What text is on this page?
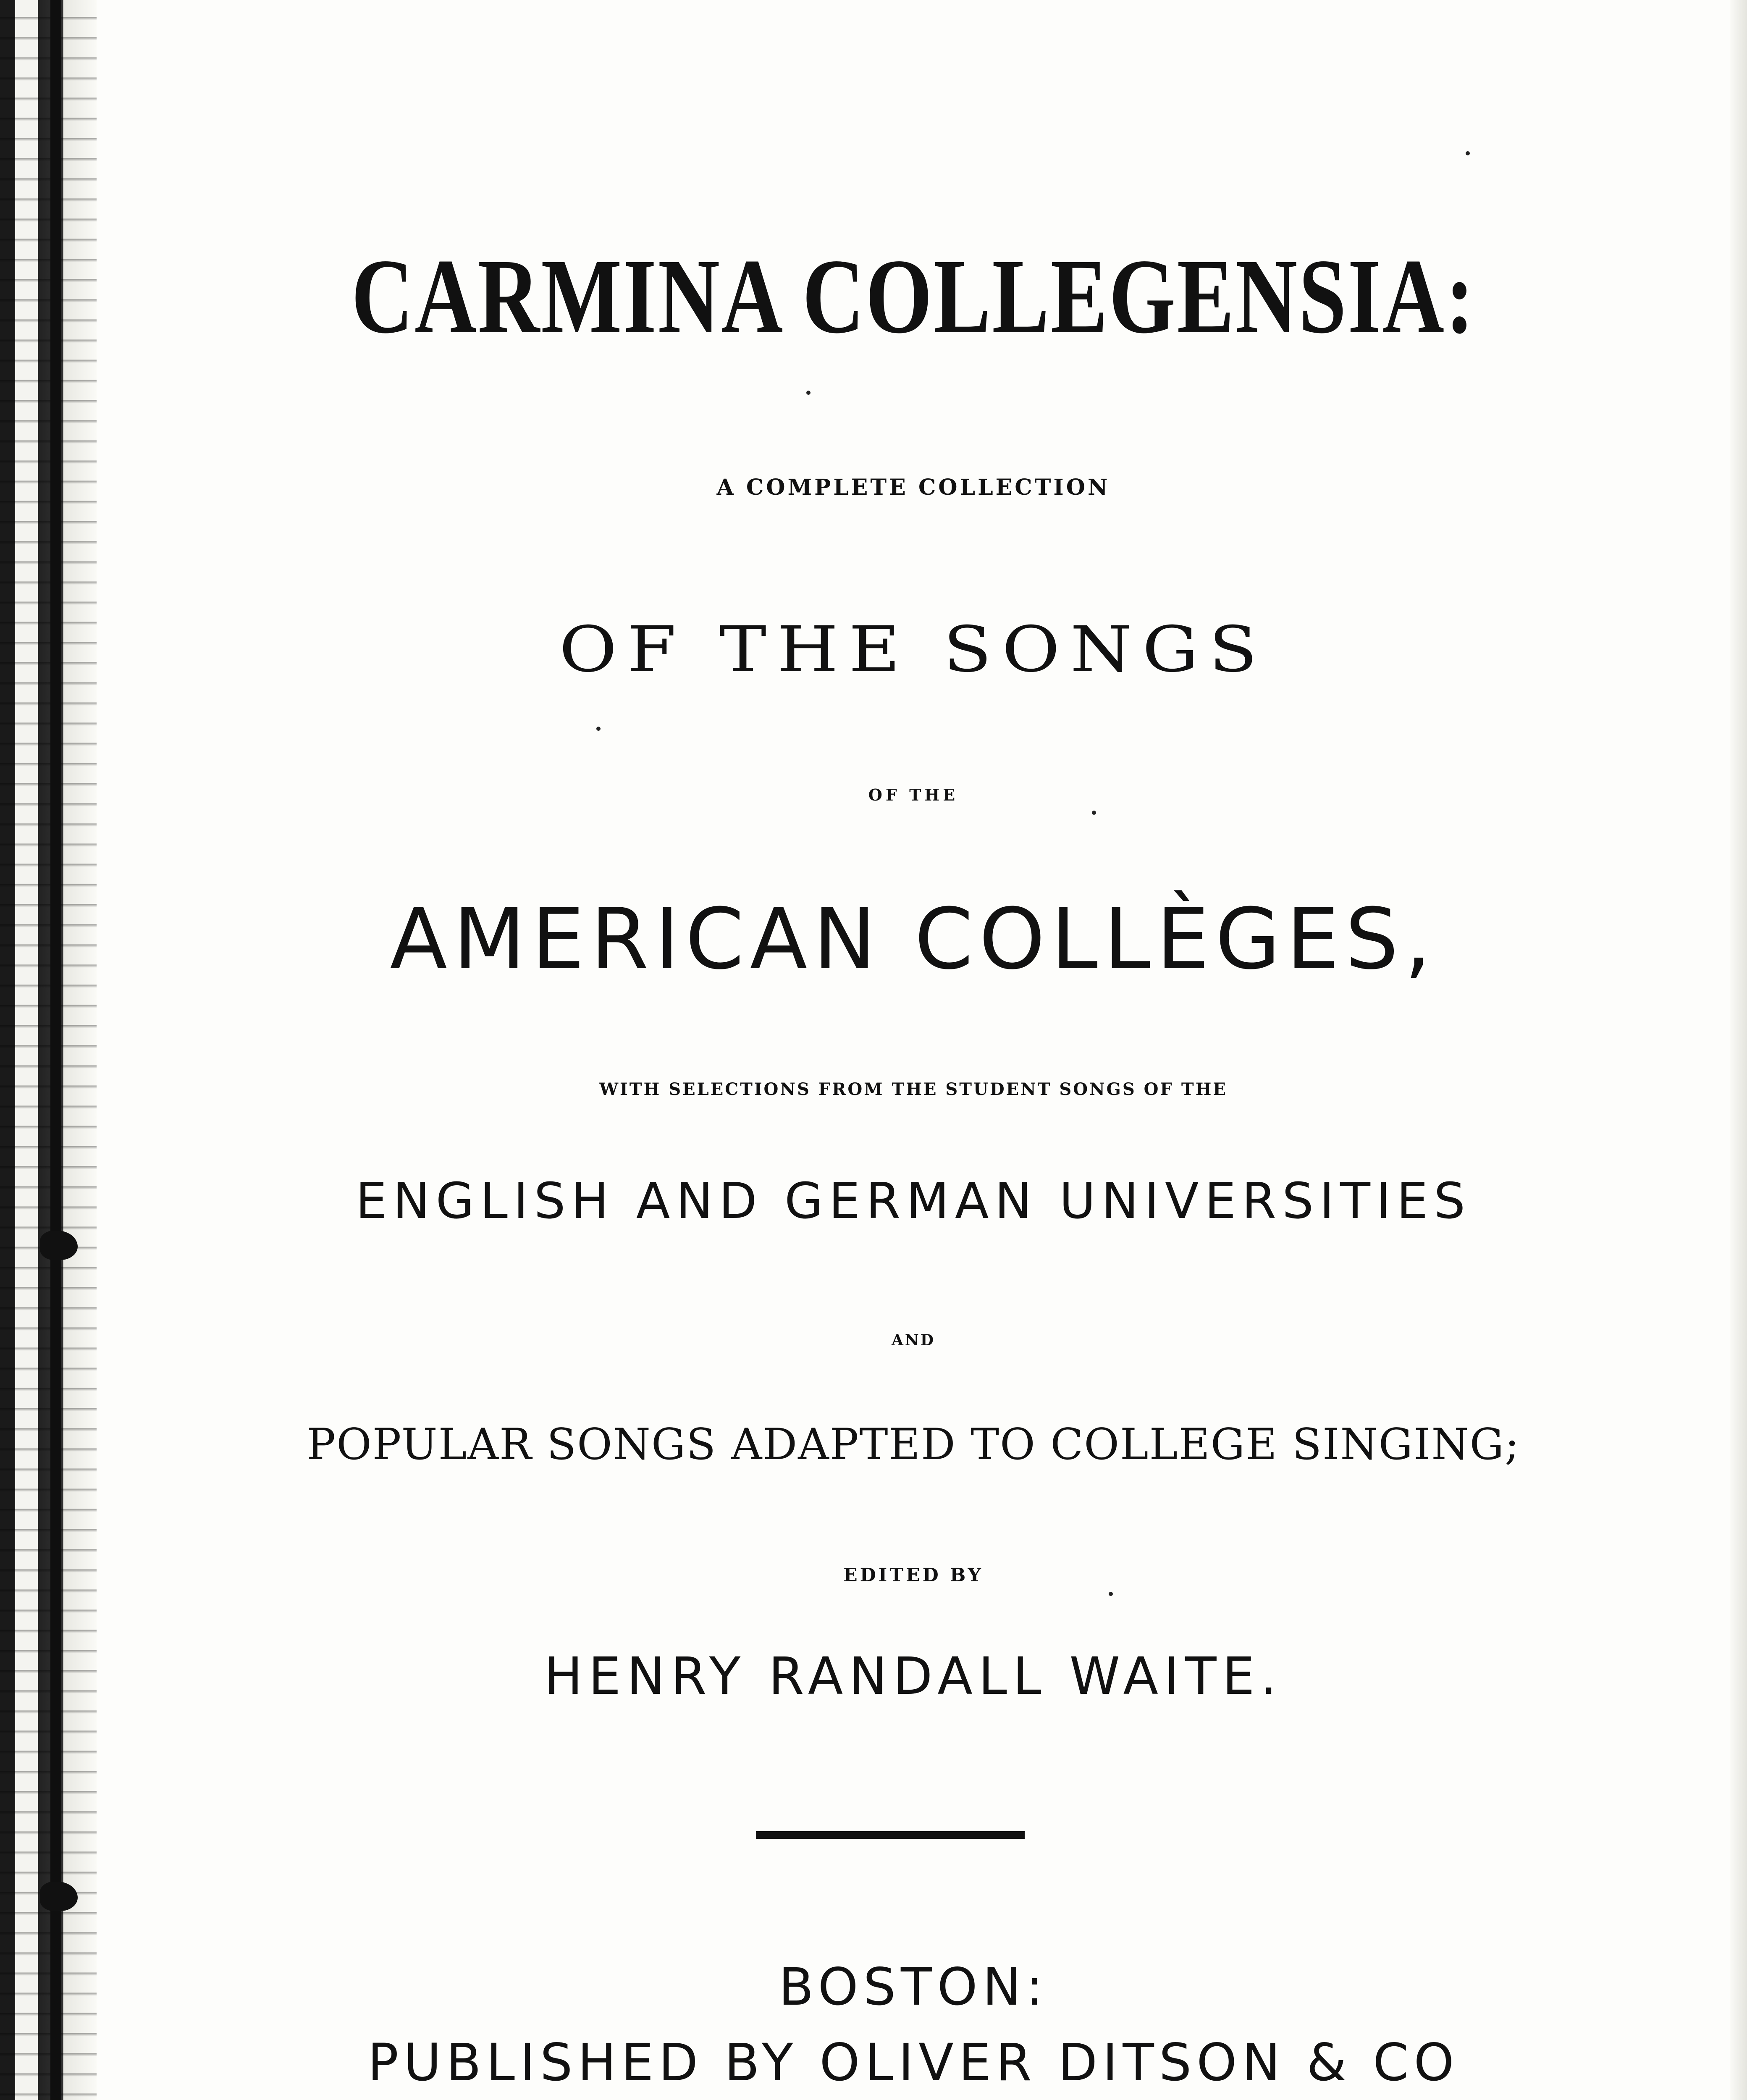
CARMINA COLLEGENSIA:

A COMPLETE COLLECTION

OF THE SONGS

OF THE

AMERICAN COLLÈGES,

WITH SELECTIONS FROM THE STUDENT SONGS OF THE

ENGLISH AND GERMAN UNIVERSITIES

AND

POPULAR SONGS ADAPTED TO COLLEGE SINGING;

EDITED BY

HENRY RANDALL WAITE.

BOSTON:

PUBLISHED BY OLIVER DITSON & CO
